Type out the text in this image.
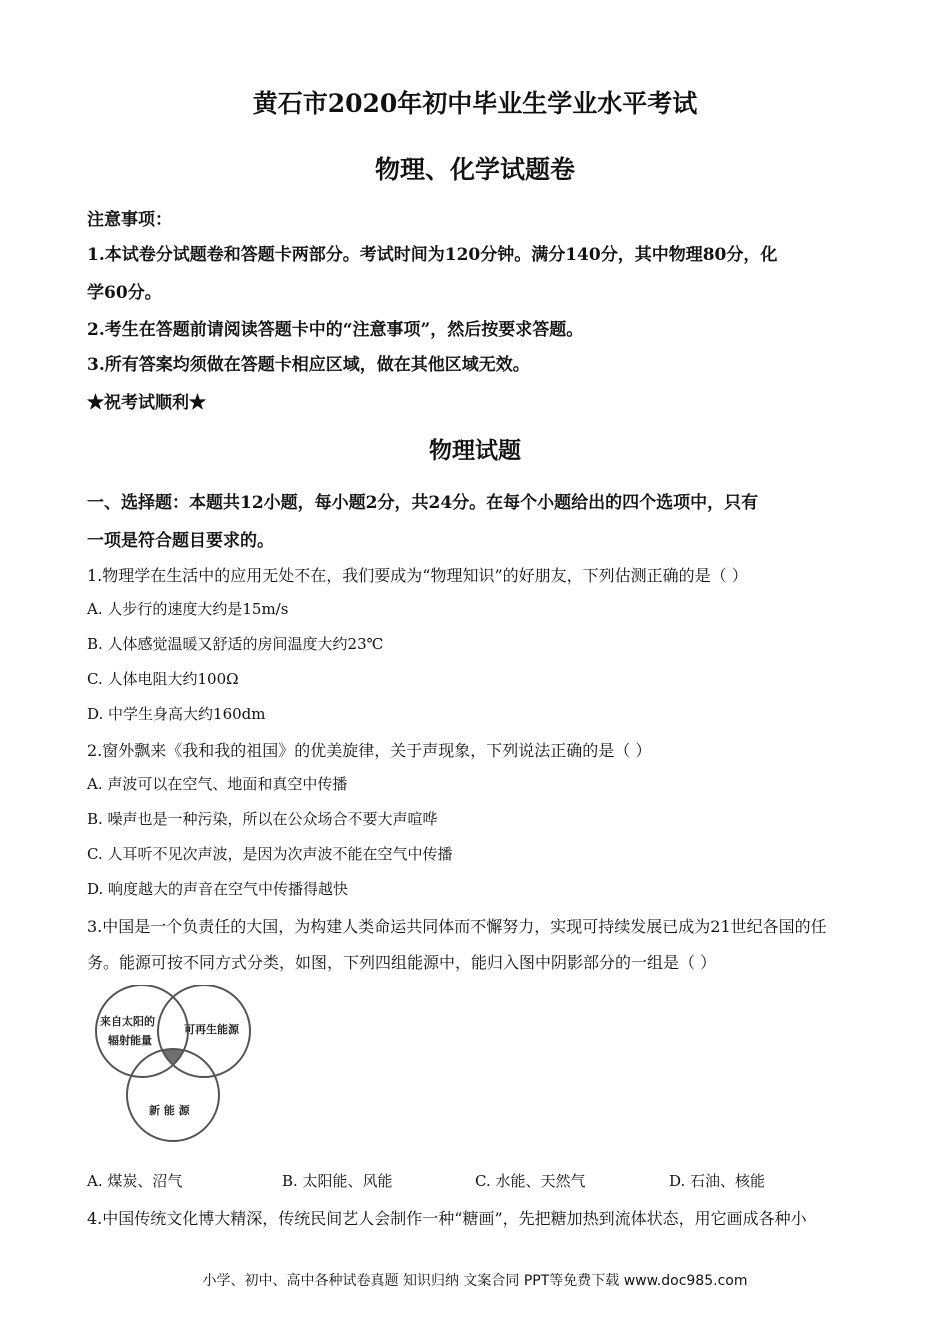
黄石市2020年初中毕业生学业水平考试
物理、化学试题卷
注意事项：
1.本试卷分试题卷和答题卡两部分。考试时间为120分钟。满分140分，其中物理80分，化
学60分。
2.考生在答题前请阅读答题卡中的“注意事项”，然后按要求答题。
3.所有答案均须做在答题卡相应区域，做在其他区域无效。
★祝考试顺利★
物理试题
一、选择题：本题共12小题，每小题2分，共24分。在每个小题给出的四个选项中，只有
一项是符合题目要求的。
1.物理学在生活中的应用无处不在，我们要成为“物理知识”的好朋友，下列估测正确的是（ ）
A. 人步行的速度大约是15m/s
B. 人体感觉温暖又舒适的房间温度大约23℃
C. 人体电阻大约100Ω
D. 中学生身高大约160dm
2.窗外飘来《我和我的祖国》的优美旋律，关于声现象，下列说法正确的是（ ）
A. 声波可以在空气、地面和真空中传播
B. 噪声也是一种污染，所以在公众场合不要大声喧哗
C. 人耳听不见次声波，是因为次声波不能在空气中传播
D. 响度越大的声音在空气中传播得越快
3.中国是一个负责任的大国，为构建人类命运共同体而不懈努力，实现可持续发展已成为21世纪各国的任
务。能源可按不同方式分类，如图，下列四组能源中，能归入图中阴影部分的一组是（ ）
来自太阳的
辐射能量
可再生能源
新 能 源
A. 煤炭、沼气	B. 太阳能、风能	C. 水能、天然气	D. 石油、核能
4.中国传统文化博大精深，传统民间艺人会制作一种“糖画”，先把糖加热到流体状态，用它画成各种小
小学、初中、高中各种试卷真题 知识归纳 文案合同 PPT等免费下载 www.doc985.com
